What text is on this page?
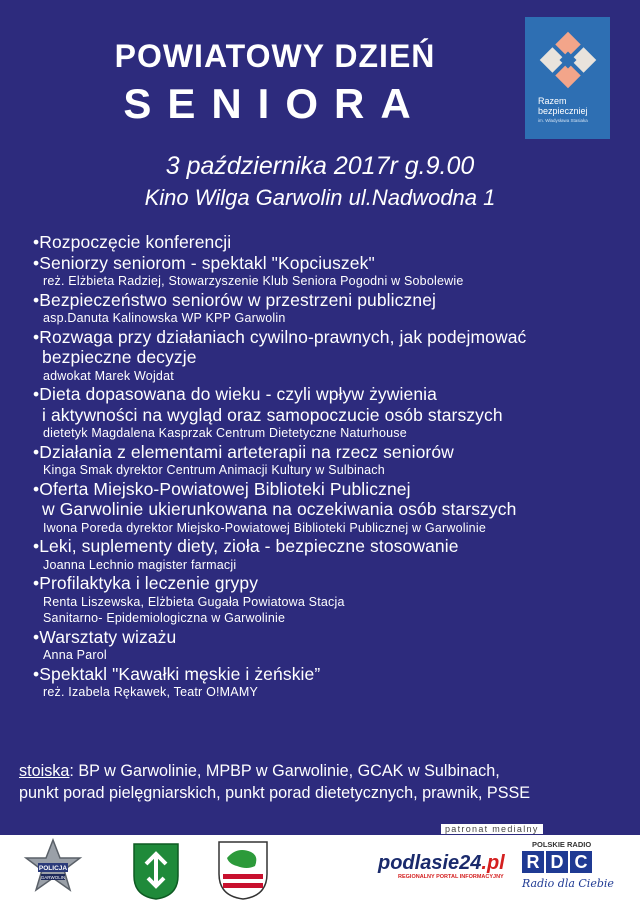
POWIATOWY DZIEŃ
SENIORA	Razem
bezpieczniej
im. Władysława Stasiaka
3 października 2017r g.9.00
Kino Wilga Garwolin ul.Nadwodna 1
•Rozpoczęcie konferencji
•Seniorzy seniorom - spektakl "Kopciuszek"
reż. Elżbieta Radziej, Stowarzyszenie Klub Seniora Pogodni w Sobolewie
•Bezpieczeństwo seniorów w przestrzeni publicznej
asp.Danuta Kalinowska WP KPP Garwolin
•Rozwaga przy działaniach cywilno-prawnych, jak podejmować
bezpieczne decyzje
adwokat Marek Wojdat
•Dieta dopasowana do wieku - czyli wpływ żywienia
i aktywności na wygląd oraz samopoczucie osób starszych
dietetyk Magdalena Kasprzak Centrum Dietetyczne Naturhouse
•Działania z elementami arteterapii na rzecz seniorów
Kinga Smak dyrektor Centrum Animacji Kultury w Sulbinach
•Oferta Miejsko-Powiatowej Biblioteki Publicznej
w Garwolinie ukierunkowana na oczekiwania osób starszych
Iwona Poreda dyrektor Miejsko-Powiatowej Biblioteki Publicznej w Garwolinie
•Leki, suplementy diety, zioła - bezpieczne stosowanie
Joanna Lechnio magister farmacji
•Profilaktyka i leczenie grypy
Renta Liszewska, Elżbieta Gugała Powiatowa Stacja
Sanitarno- Epidemiologiczna w Garwolinie
•Warsztaty wizażu
Anna Parol
•Spektakl "Kawałki męskie i żeńskie”
reż. Izabela Rękawek, Teatr O!MAMY
stoiska: BP w Garwolinie, MPBP w Garwolinie, GCAK w Sulbinach,
punkt porad pielęgniarskich, punkt porad dietetycznych, prawnik, PSSE
patronat medialny
POLICJA
GARWOLIN
podlasie24.pl
REGIONALNY PORTAL INFORMACYJNY
POLSKIE RADIO
R D C
Radio dla Ciebie
